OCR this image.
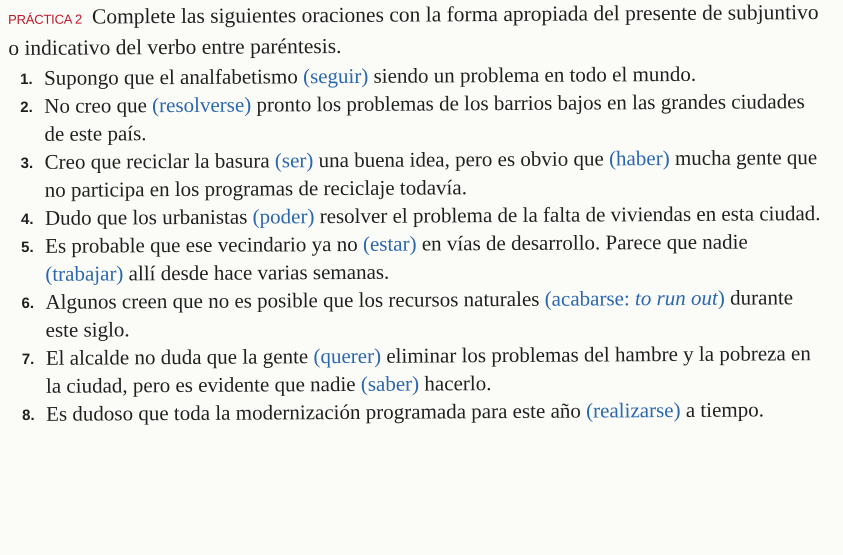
PRÁCTICA 2 Complete las siguientes oraciones con la forma apropiada del presente de subjuntivo o indicativo del verbo entre paréntesis.
1. Supongo que el analfabetismo (seguir) siendo un problema en todo el mundo.
2. No creo que (resolverse) pronto los problemas de los barrios bajos en las grandes ciudades de este país.
3. Creo que reciclar la basura (ser) una buena idea, pero es obvio que (haber) mucha gente que no participa en los programas de reciclaje todavía.
4. Dudo que los urbanistas (poder) resolver el problema de la falta de viviendas en esta ciudad.
5. Es probable que ese vecindario ya no (estar) en vías de desarrollo. Parece que nadie (trabajar) allí desde hace varias semanas.
6. Algunos creen que no es posible que los recursos naturales (acabarse: to run out) durante este siglo.
7. El alcalde no duda que la gente (querer) eliminar los problemas del hambre y la pobreza en la ciudad, pero es evidente que nadie (saber) hacerlo.
8. Es dudoso que toda la modernización programada para este año (realizarse) a tiempo.
